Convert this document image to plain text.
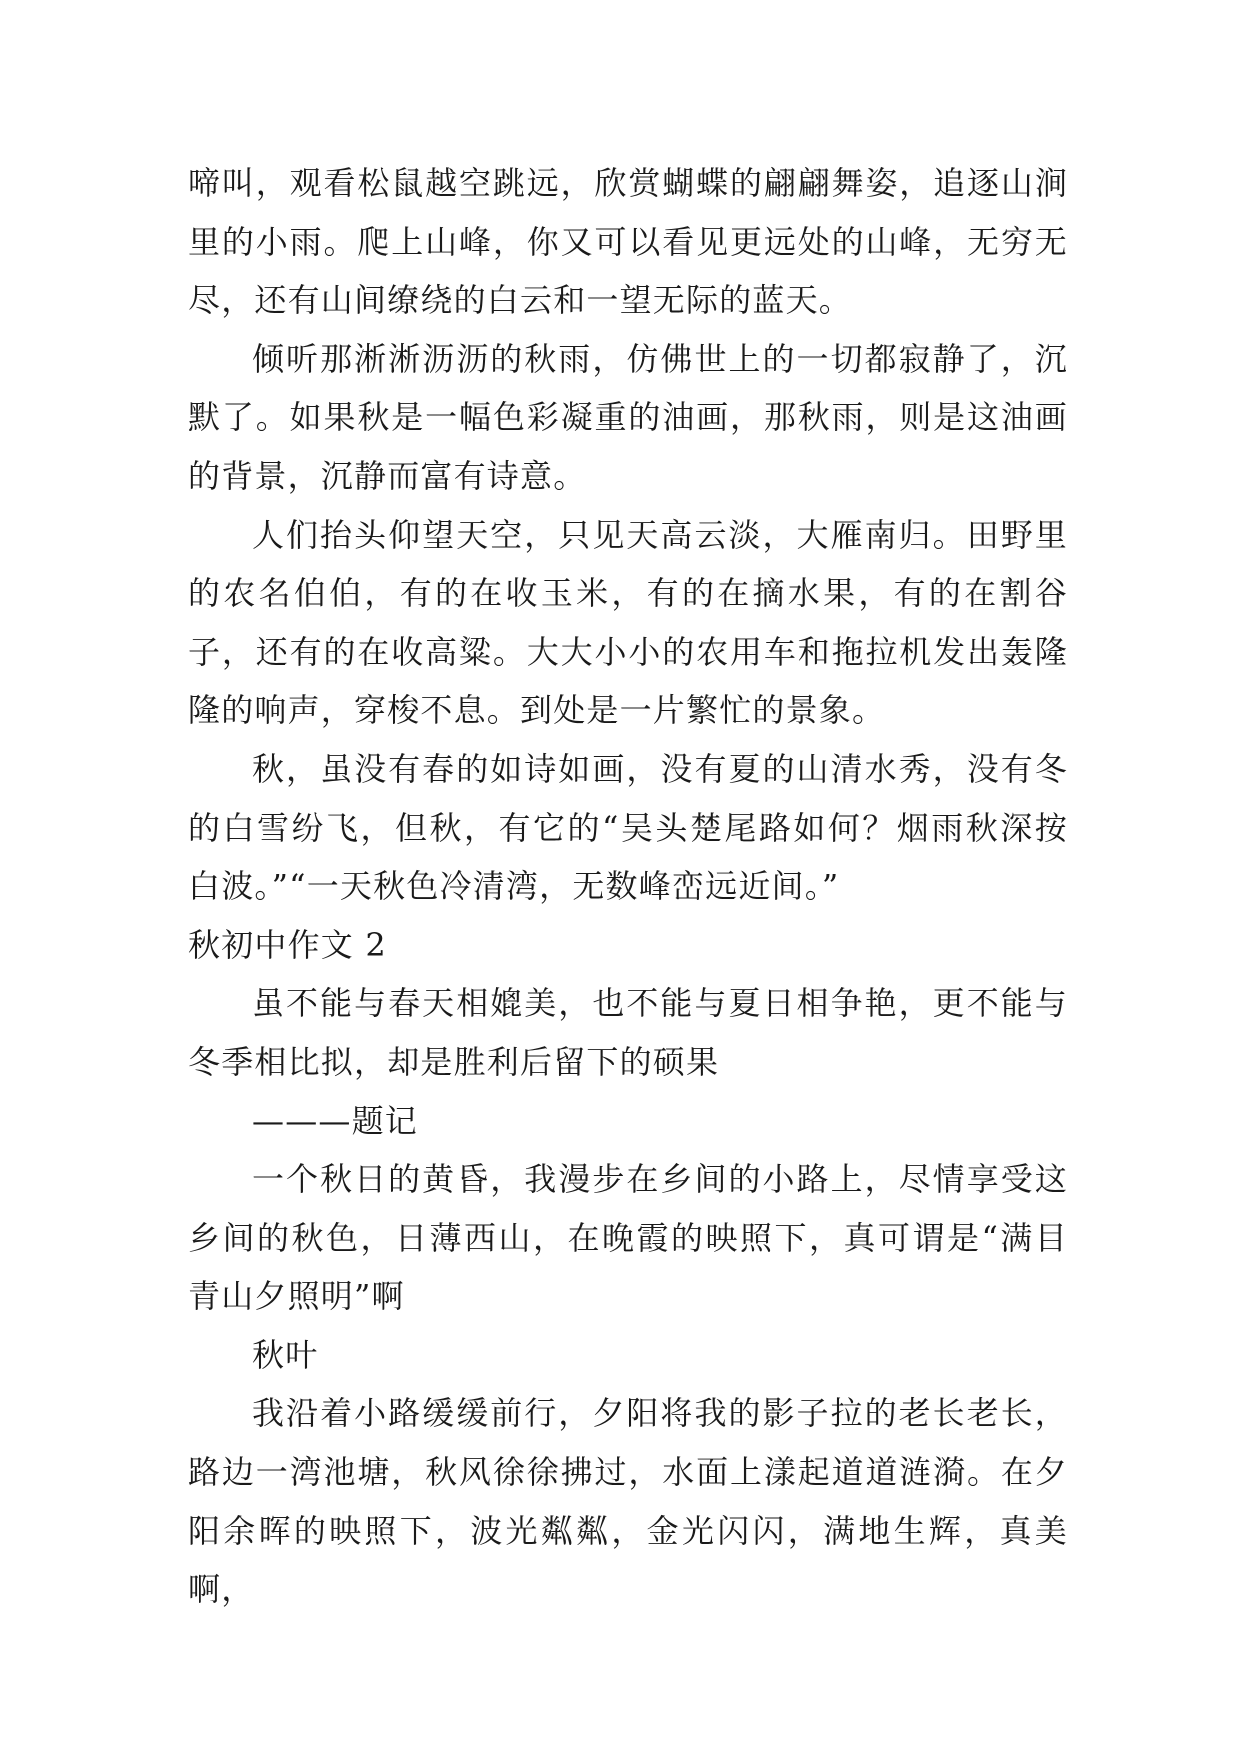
啼叫，观看松鼠越空跳远，欣赏蝴蝶的翩翩舞姿，追逐山涧里的小雨。爬上山峰，你又可以看见更远处的山峰，无穷无尽，还有山间缭绕的白云和一望无际的蓝天。

倾听那淅淅沥沥的秋雨，仿佛世上的一切都寂静了，沉默了。如果秋是一幅色彩凝重的油画，那秋雨，则是这油画的背景，沉静而富有诗意。

人们抬头仰望天空，只见天高云淡，大雁南归。田野里的农名伯伯，有的在收玉米，有的在摘水果，有的在割谷子，还有的在收高粱。大大小小的农用车和拖拉机发出轰隆隆的响声，穿梭不息。到处是一片繁忙的景象。

秋，虽没有春的如诗如画，没有夏的山清水秀，没有冬的白雪纷飞，但秋，有它的“吴头楚尾路如何？烟雨秋深按白波。”“一天秋色冷清湾，无数峰峦远近间。”

秋初中作文 2

虽不能与春天相媲美，也不能与夏日相争艳，更不能与冬季相比拟，却是胜利后留下的硕果

———题记

一个秋日的黄昏，我漫步在乡间的小路上，尽情享受这乡间的秋色，日薄西山，在晚霞的映照下，真可谓是“满目青山夕照明”啊

秋叶

我沿着小路缓缓前行，夕阳将我的影子拉的老长老长，路边一湾池塘，秋风徐徐拂过，水面上漾起道道涟漪。在夕阳余晖的映照下，波光粼粼，金光闪闪，满地生辉，真美啊，
